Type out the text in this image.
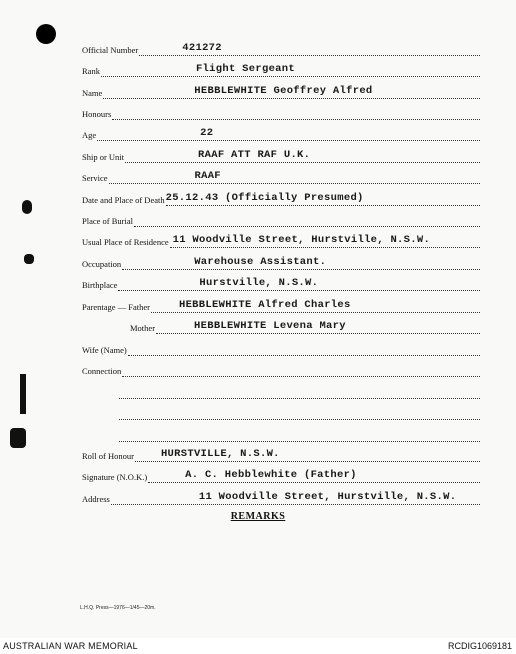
Official Number	421272
Rank	Flight Sergeant
Name	HEBBLEWHITE Geoffrey Alfred
Honours
Age	22
Ship or Unit	RAAF ATT RAF U.K.
Service	RAAF
Date and Place of Death 25.12.43 (Officially Presumed)
Place of Burial
Usual Place of Residence 11 Woodville Street, Hurstville, N.S.W.
Occupation	Warehouse Assistant.
Birthplace	Hurstville, N.S.W.
Parentage — Father	HEBBLEWHITE Alfred Charles
Mother	HEBBLEWHITE Levena Mary
Wife (Name)
Connection
Roll of Honour	HURSTVILLE, N.S.W.
Signature (N.O.K.)	A. C. Hebblewhite (Father)
Address	11 Woodville Street, Hurstville, N.S.W.
REMARKS
L.H.Q. Press—1976—1/45—20m.
AUSTRALIAN WAR MEMORIAL	RCDIG1069181
